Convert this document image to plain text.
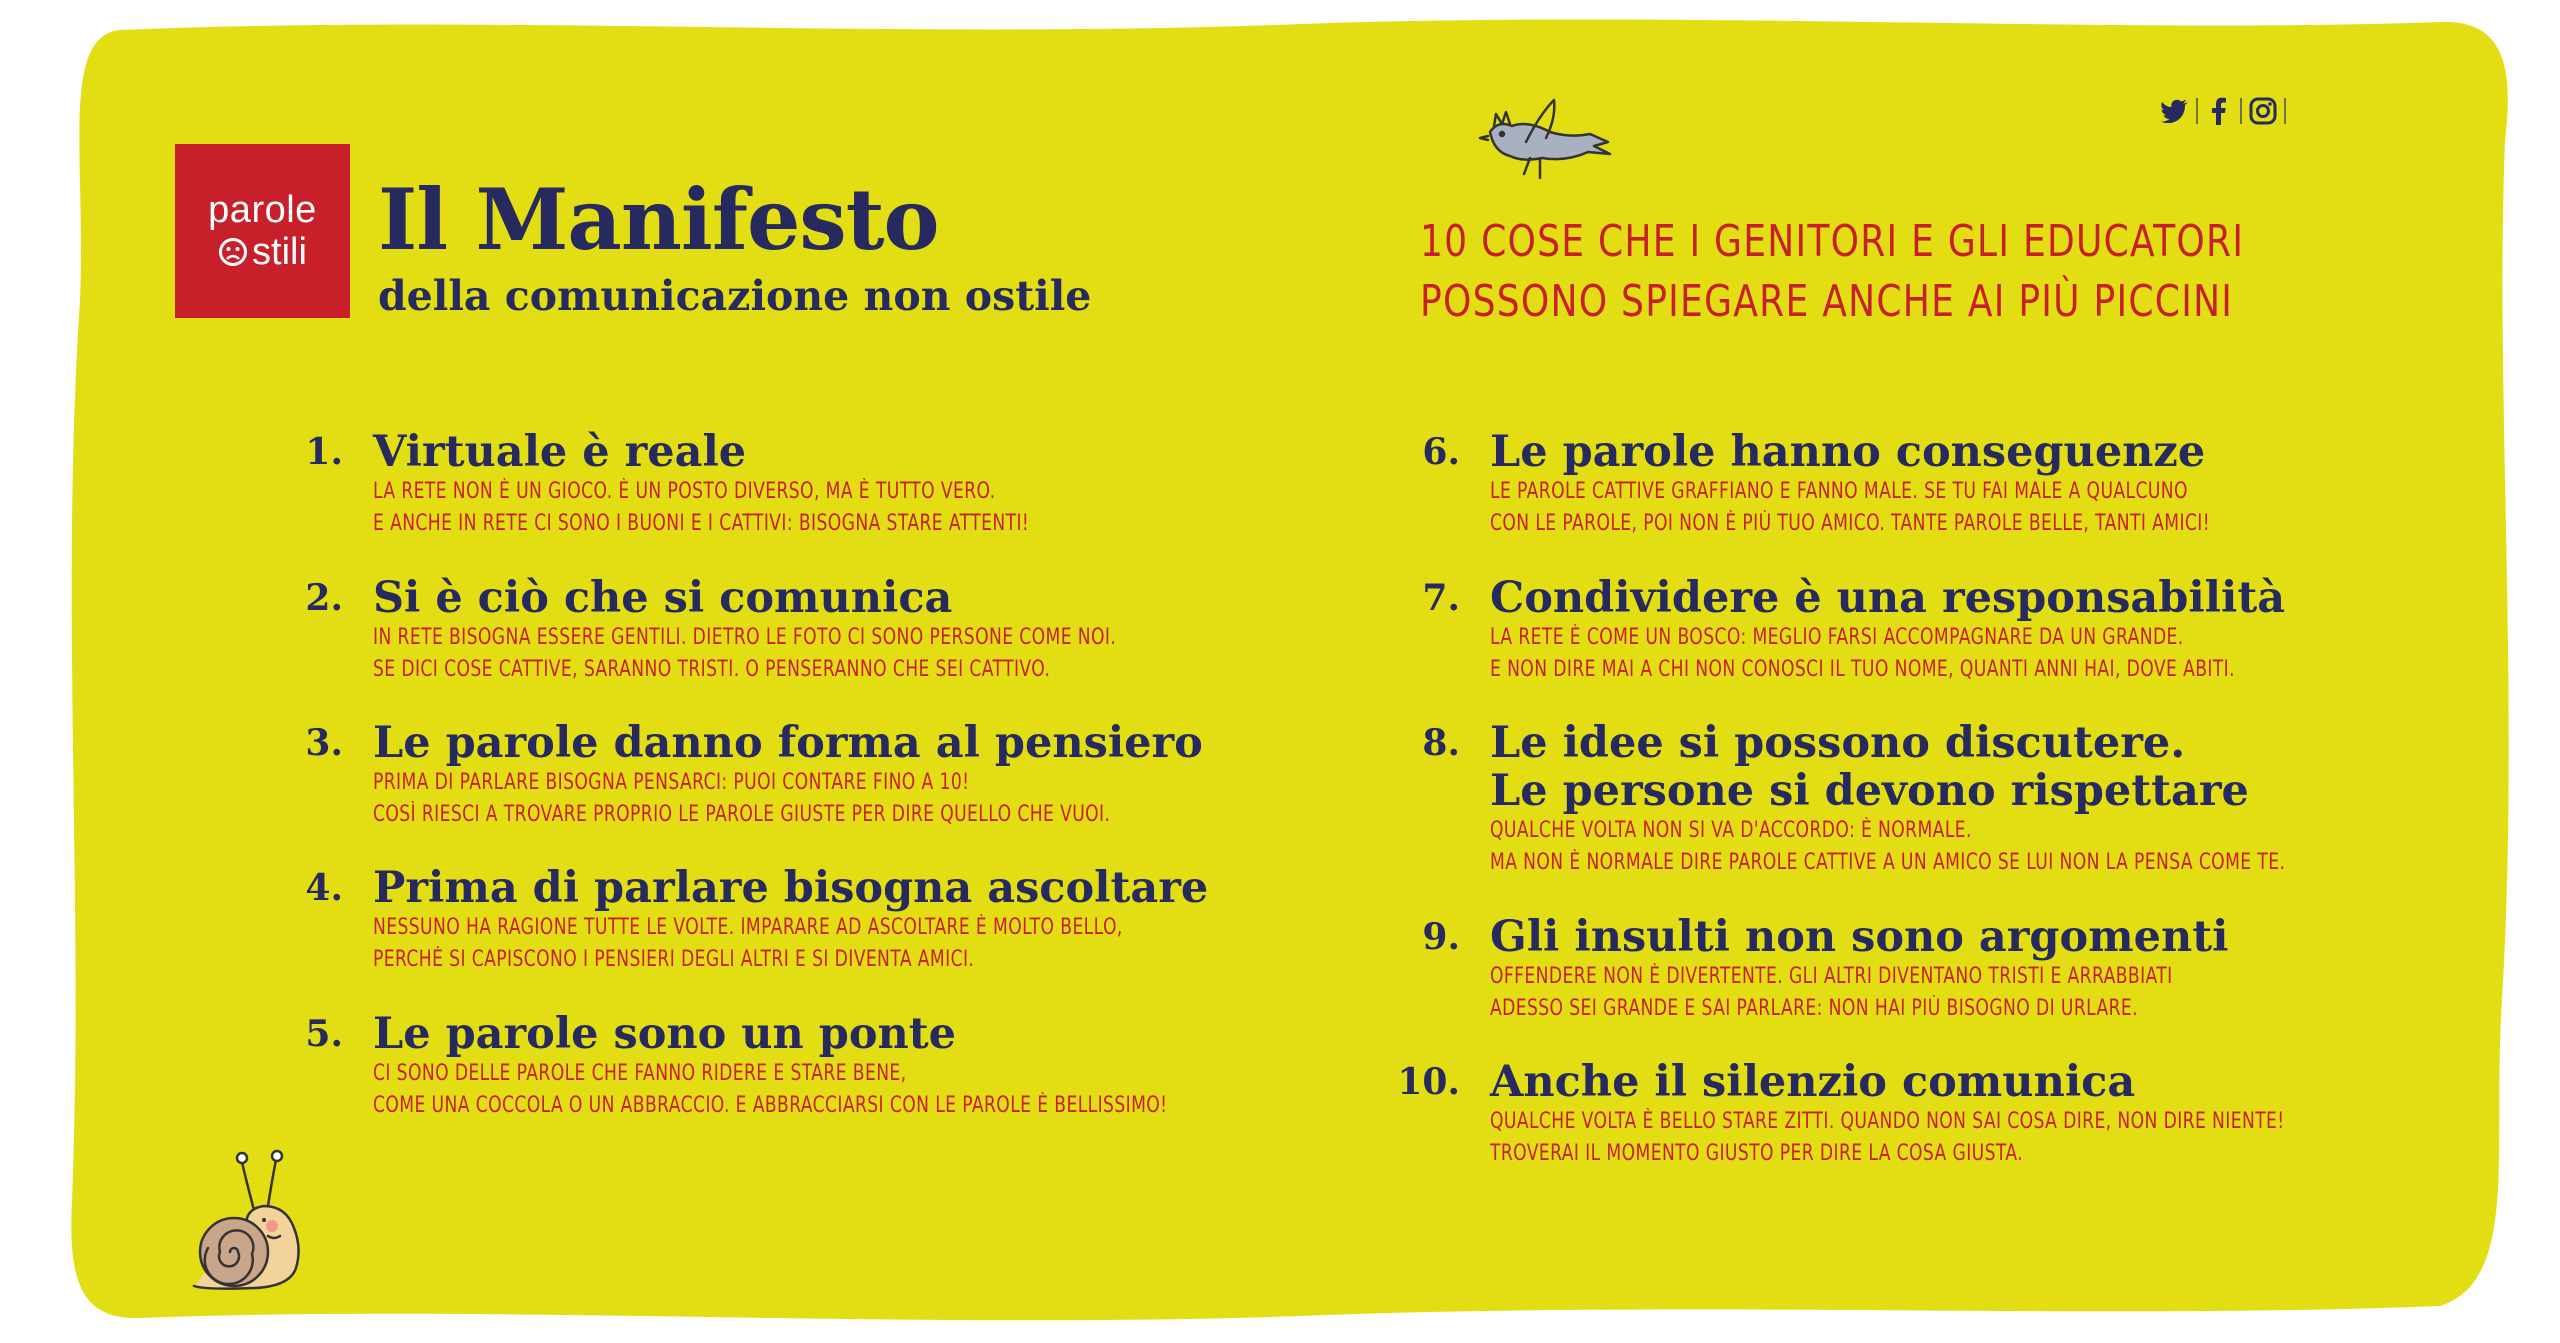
parole
stili Il Manifesto
della comunicazione non ostile
10 COSE CHE I GENITORI E GLI EDUCATORI
POSSONO SPIEGARE ANCHE AI PIÙ PICCINI
1. Virtuale è reale
LA RETE NON È UN GIOCO. È UN POSTO DIVERSO, MA È TUTTO VERO.
E ANCHE IN RETE CI SONO I BUONI E I CATTIVI: BISOGNA STARE ATTENTI!
2. Si è ciò che si comunica
IN RETE BISOGNA ESSERE GENTILI. DIETRO LE FOTO CI SONO PERSONE COME NOI.
SE DICI COSE CATTIVE, SARANNO TRISTI. O PENSERANNO CHE SEI CATTIVO.
3. Le parole danno forma al pensiero
PRIMA DI PARLARE BISOGNA PENSARCI: PUOI CONTARE FINO A 10!
COSÌ RIESCI A TROVARE PROPRIO LE PAROLE GIUSTE PER DIRE QUELLO CHE VUOI.
4. Prima di parlare bisogna ascoltare
NESSUNO HA RAGIONE TUTTE LE VOLTE. IMPARARE AD ASCOLTARE È MOLTO BELLO,
PERCHÉ SI CAPISCONO I PENSIERI DEGLI ALTRI E SI DIVENTA AMICI.
5. Le parole sono un ponte
CI SONO DELLE PAROLE CHE FANNO RIDERE E STARE BENE,
COME UNA COCCOLA O UN ABBRACCIO. E ABBRACCIARSI CON LE PAROLE È BELLISSIMO!
6. Le parole hanno conseguenze
LE PAROLE CATTIVE GRAFFIANO E FANNO MALE. SE TU FAI MALE A QUALCUNO
CON LE PAROLE, POI NON È PIÙ TUO AMICO. TANTE PAROLE BELLE, TANTI AMICI!
7. Condividere è una responsabilità
LA RETE È COME UN BOSCO: MEGLIO FARSI ACCOMPAGNARE DA UN GRANDE.
E NON DIRE MAI A CHI NON CONOSCI IL TUO NOME, QUANTI ANNI HAI, DOVE ABITI.
8. Le idee si possono discutere.
Le persone si devono rispettare
QUALCHE VOLTA NON SI VA D'ACCORDO: È NORMALE.
MA NON È NORMALE DIRE PAROLE CATTIVE A UN AMICO SE LUI NON LA PENSA COME TE.
9. Gli insulti non sono argomenti
OFFENDERE NON È DIVERTENTE. GLI ALTRI DIVENTANO TRISTI E ARRABBIATI
ADESSO SEI GRANDE E SAI PARLARE: NON HAI PIÙ BISOGNO DI URLARE.
10. Anche il silenzio comunica
QUALCHE VOLTA È BELLO STARE ZITTI. QUANDO NON SAI COSA DIRE, NON DIRE NIENTE!
TROVERAI IL MOMENTO GIUSTO PER DIRE LA COSA GIUSTA.
